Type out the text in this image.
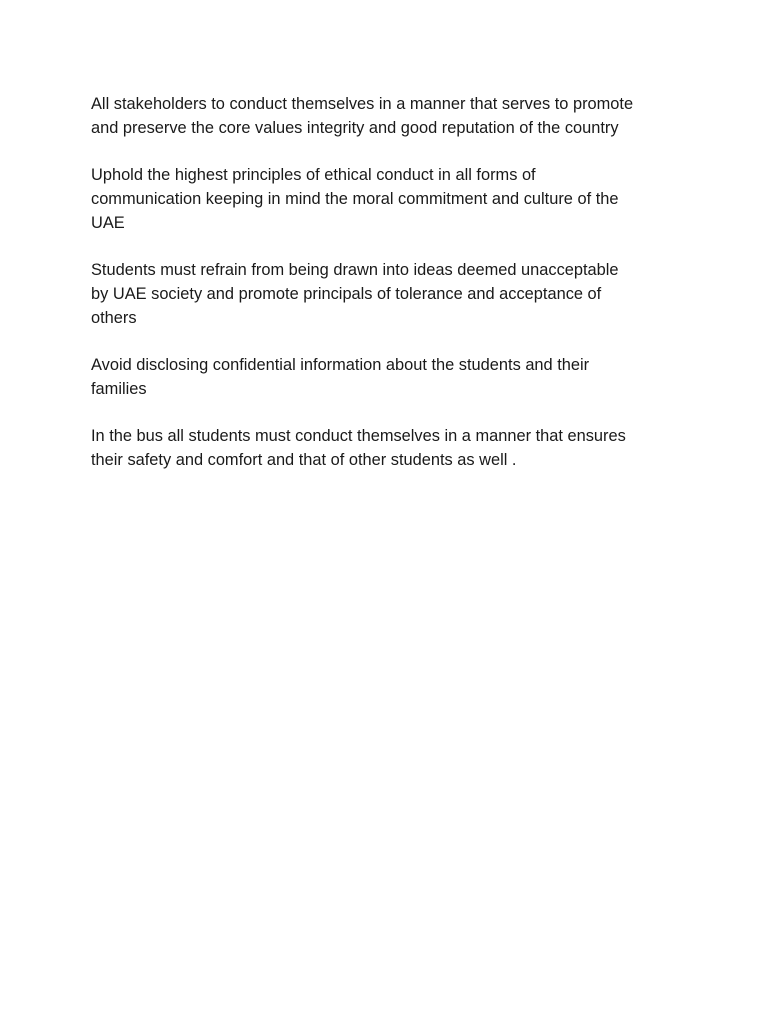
All stakeholders to conduct themselves in a manner that serves to promote
and preserve the core values integrity and good reputation of the country

Uphold the highest principles of ethical conduct in all forms of
communication keeping in mind the moral commitment and culture of the
UAE

Students must refrain from being drawn into ideas deemed unacceptable
by UAE society and promote principals of tolerance and acceptance of
others

Avoid disclosing confidential information about the students and their
families

In the bus all students must conduct themselves in a manner that ensures
their safety and comfort and that of other students as well .
